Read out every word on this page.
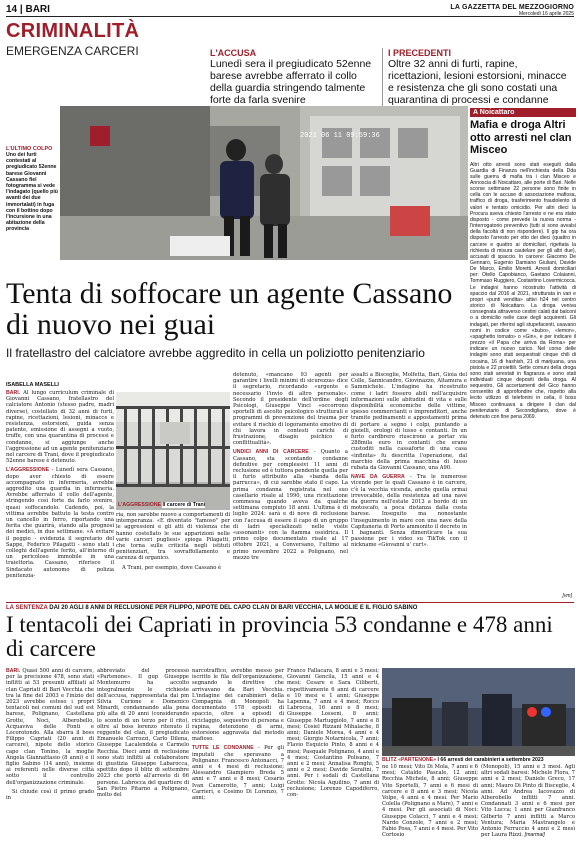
14 | BARI	LA GAZZETTA DEL MEZZOGIORNO
Mercoledì 16 aprile 2025
CRIMINALITÀ
EMERGENZA CARCERI	L'ACCUSA
Lunedì sera il pregiudicato 52enne barese avrebbe afferrato il collo della guardia stringendo talmente forte da farla svenire
I PRECEDENTI
Oltre 32 anni di furti, rapine, ricettazioni, lesioni estorsioni, minacce e resistenza che gli sono costati una quarantina di processi e condanne
2021 06 11 09:59:36
L'ULTIMO COLPO
Uno dei furti contestati al pregiudicato 52enne barese Giovanni Cassano fiel fotogramma si vede l'indagato (quello più avanti dei due immortalati) in fuga con il bottino dopo l'incursione in una abitazione della provincia
A Noicattaro
Mafia e droga Altri otto arresti nel clan Misceo
Altri otto arresti sono stati eseguiti dalla Guardia di Finanza nell'inchiesta della Dda sulle guerra di mafia tra i clan Misceo e Annoscia di Noicattaro, alle porte di Bari. Nelle scorse settimane 22 persone sono finite in cella con le accuse di associazione mafiosa, traffico di droga, trasferimento fraudolento di valori e tentato omicidio. Per altri dieci la Procura aveva chiesto l'arresto e ne era stato disposto - come prevede la nuova norma - l'interrogatorio preventivo (tutti si sono avvalsi della facoltà di non rispondere). Il gip ha ora disposto l'arresto per otto dei dieci (quattro in carcere e quattro ai domiciliari, rigettata la richiesta di misura cautelare per gli altri due), accusati di spaccio. In carcere: Giacomo De Gennaro, Eugenio Damiano Giuliani, Davide De Marco, Emilio Moretti. Arresti domiciliari per: Otello Capobianco, Gaetano Colaianni, Tommaso Ruggiero, Costantino Lovermicocca. Le indagini hanno ricostruito l'attività di spaccio dal 2016 al 2021, strutturata in vari e propri «punti vendita» attivi h24 nel centro storico di Noicattaro. La droga veniva consegnata attraverso cestini calati dai balconi o a domicilio nelle case degli acquirenti. Gli indagati, per riferirsi agli stupefacenti, usavano nomi in codice come «bubo», «lemon», «spaghetto tornato» o «Gin», e per indicare il prezzo «il Papa che arriva da Roma» per indicare un nuovo carico. Nel corso delle indagini sono stati sequestrati cinque chili di cocaina, 16 di hashish, 21 di marijuana, una pistola e 22 proiettili. Sette comuni della droga sono stati arrestati in flagranza e sono stati individuati cinque depositi della droga. Al sequestro, Gli accertamenti del Gico hanno consentito di approfondire che, rispetto alla lecito utilizzo di telefonini in cella, il boss Misceo continuava a dirigere il clan dal penitenziario di Secondigliano, dove è detenuto con fine pena 2069.
[vm]
Tenta di soffocare un agente Cassano di nuovo nei guai
Il fratellastro del calciatore avrebbe aggredito in cella un poliziotto penitenziario
ISABELLA MASELLI

BARI. Al lungo curriculum criminale di Giovanni Cassano, fratellastro del calciatore Antonio (stesso padre, madri diverse), costellato di 32 anni di furti, rapine, ricettazioni, lesioni, minacce e resistenza, estorsioni, guida senza patente, emissione di assegni a vuoto, truffe, con una quarantina di processi e condanne, si aggiunge anche l'aggressione ad un agente penitenziario nel carcere di Trani, dove il pregiudicato 52enne barese è detenuto.

L'AGGRESSIONE - Lunedì sera Cassano, dopo aver chiesto di essere accompagnato in infermeria, avrebbe aggredito una guardia in infermeria. Avrebbe afferrato il collo dell'agente, stringendo così forte da farlo svenire, quasi soffocandolo. Cadendo, poi, la vittima avrebbe battuto la testa contro un cancello in ferro, riportando una ferita che guarirà, stando alla prognosi dei medici, in due settimane. «A evitare il peggio - evidenzia il segretario del Sappe, Federico Pilagatti - sono stati i colleghi dell'agente ferito, all'interno di un pericoloso immobile in una traiettoria. Cassano, riferisce il Sindacato autonomo di polizia penitenzia-

L'AGGRESSIONE Il carcere di Trani

ria, non sarebbe nuovo a comportamenti di intemperanza. «E diventato "famoso" per le aggressioni e gli atti di violenza che hanno costellato le sue apparizioni nelle varie carceri pugliesi» spiega Pilagatti, che torna sulle criticità negli istituti penitenziari, tra sovraffollamento e carenza di organico.

A Trani, per esempio, dove Cassano è

detenuto, «mancano 93 agenti per garantire i livelli minimi di sicurezza» dice il segretario, ricordando «urgente e necessario l'invio di altro personale». Secondo il presidente dell'ordine degli Psicologi, Giuseppe Vinci «occorrono sportelli di ascolto psicologico strutturali e programmi di prevenzione del trauma per evitare il rischio di logoramento emotivo di chi lavora in contesti carichi di frustrazione, disagio psichico e conflittualità».

UNDICI ANNI DI CARCERE - Quanto a Cassano, sta scontando condanne definitive per complessivi 11 anni di reclusione ed è tuttora pendente quella per il furto attribuito alla «banda della parrucca», di cui sarebbe stato il capo. La prima condanna registrata nel suo casellario risale al 1990, una ricettazione commessa quando aveva da qualche settimana compiuto 18 anni. L'ultima è di luglio 2024: sarà e di nove di reclusione con l'accusa di essere il capo di un gruppo di ladri specializzati nelle visite «assonanti» con la fiamma ossidrica. Il primo colpo documentato risale al 17 ottobre 2021, a Conversano, l'ultimo al primo novembre 2022 a Polignano, nel mezzo tre

assalti a Bisceglie, Molfetta, Bari, Gioia del Colle, Sannicandro, Giovinazzo, Altamura e Sammichele. L'indagine ha ricostruito come i ladri fossero abili nell'acquisire informazioni sulle abitudini di vita e sulle disponibilità economiche delle vittime, spesso commercianti o imprenditori, anche tramite pedinamenti e appostamenti prima di portare a segno i colpi, puntando a gioielli, orologi di lusso e contanti. In un furto cardbrero riuscirono a portar via 288mila euro in contanti che erano custoditi nella cassaforte di una casa «infinita» fu descritta l'operazione, dal marchio della prima macchina di lusso rubata da Giovanni Cassano, una A90.

NAVE DA GUERRA - Tra le numerose vicende per le quali Cassano è in carcere, c'è la vecchia vicenda, anche quella ormai irrevocabile, della resistenza ad una nave da guerra nell'estate 2013 a bordo di un motoscafo, a poca distanza dalla costa barese. Inseguito ma nonostante l'inseguimento in mare con una nave della Capitaneria di Porto ammonito il decreto in 1 bagnanti. Senza dimenticare la sua passione per i video su TikTok con il nickname «Giovanni u' curt».

LA SENTENZA DAI 20 AGLI 8 ANNI DI RECLUSIONE PER FILIPPO, NIPOTE DEL CAPO CLAN DI BARI VECCHIA, LA MOGLIE E IL FIGLIO SABINO
I tentacoli dei Capriati in provincia 53 condanne e 478 anni di carcere

BARI. Quasi 500 anni di carcere, per la precisione 478, sono stati inflitti ai 53 presunti affiliati al clan Capriati di Bari Vecchia che tra la fine del 2003 e l'inizio del 2023 avrebbe esteso i propri tentacoli nei comuni del sud est barese, Polignano, Castellana Grotte, Noci, Alberobello, Acquaviva delle Fonti e Locorotondo. Alla sbarra il boss Filippo Capriati (20 anni di carcere), nipote dello storico capo clan Tonino, la moglie Angela Giannattasio (8 anni) e il figlio Sabino (14 anni), insieme ai referenti nelle diverse città sotto il controllo dell'organizzazione criminale.

Si chiude così il primo grado in

abbreviato del processo «Partenone». Il gup Giuseppe Montemurro ha accolto integralmente le richieste dell'accusa, rappresentata dai pm Silvia Curione e Domenico Minardi, condannando alla pena più alta di 20 anni (considerando lo sconto di un terzo per il rito), oltre al boss lorenzo ritenuto il reggente del clan, il pregiudicato Emanuele Carrozzi, Carlo Dilena, Giuseppe Lacalendola e Carmelo Recchia. Dieci anni di reclusione sono stati inflitti al collaboratore di giustizia Giuseppe Labarocca, spettito dopo il blitz di settembre 2023 che portò all'arresto di 66 persone. Labrocca del quartiere di San Pietro Pitarno a Polignano, molto del

narcotraffico, avrebbe messo per iscritto le fila dell'organizzazione, segnando le direttive che arrivavano da Bari Vecchia. L'indagine dei carabinieri della Compagnia di Monopoli ha documentato 178 episodi di spaccio, oltre a episodi di riciclaggio, sequestro di persona e rapina, detenzione di armi, estorsione aggravata dal metodo mafioso.

TUTTE LE CONDANNE - Per gli imputati che speravano a Polignano: Francesco Antonacci, 7 anni e 4 mesi di reclusione; Alessandro Giampiero Breda 5 anni e 7 anni e 8 mesi; Cesario Ivan Camerotto, 7 anni; Luigi Carrieri, e Cosimo Di Lorenzo, 7 anni;

Franco Fallacara, 8 anni e 3 mesi; Giovanni Gencila, 15 anni e 4 mesi; Cesare e Sara Ciliberti, rispettivamente 6 anni di carcere e 10 mesi e 1 anni; Giuseppe Lapenna, 7 anni e 4 mesi; Rocco Labrocca, 16 anni e 8 mesi; Giuseppe Losseni, 8 anni; Giuseppe Martuggiolo, 7 anni e 8 mesi; Cosiel Rizzani Mihalache, 8 anni; Daniele Morea, 4 anni e 4 mesi; Giorgio Notarnicola, 7 anni; Flavio Esquicio Pinto, 8 anni e 4 mesi; Pasquale Polignano, 4 anni e 4 mesi; Costantino Polisano, 7 anni e 2 mesi; Annalisa Ronghi, 5 anni e 2 mesi; Davide Serafini, 7 anni. Per i sodali di Castellana Grotte: Nicola Aquilino, 7 anni di reclusione; Lorenzo Capodiferro, con-
BLITZ «PARTENONE» I 66 arresti dei carabinieri a settembre 2023
ne 10 mesi; Vito Di Mola, 7 anni e 6 mesi; Cataldo Pascale, 12 anni; Recchia Michele, 8 anni; Giuseppe Vito Sportelli, 7 anni e 6 mesi di carcere e 8 anni e 3 mesi; Nicola Volpe, 4 anni e 4 mesi. Per Mario Colella (Polignano a Mare), 7 anni e 4 mesi. Per gli associati di Noci: Giuseppe Colacci, 7 anni e 4 mesi; Nardo Conzole, 7 anni e 2 mesi; Fabio Posa, 7 anni e 4 mesi. Per Vito Cortosio
(Monopoli), 15 anni e 3 mesi. Agli altri sodali baresi: Michele Flora, 7 anni e 2 mesi; Daniele Greco, 17 anni; Mauro Di Pinto di Bisceglie, 4 anni. Ad Andrea Iacovazzo di Alberobello inflitti 7 anni. Condannati 3 anni e 6 mesi per Vito Lucca; 1 anni per Gianfranco Gilberto 7 anni inflitti a Marco Ventura; Maria Mastrangelo e Antonio Ferruccio 4 anni e 2 mesi per Laura Rizzi. [marmai]
